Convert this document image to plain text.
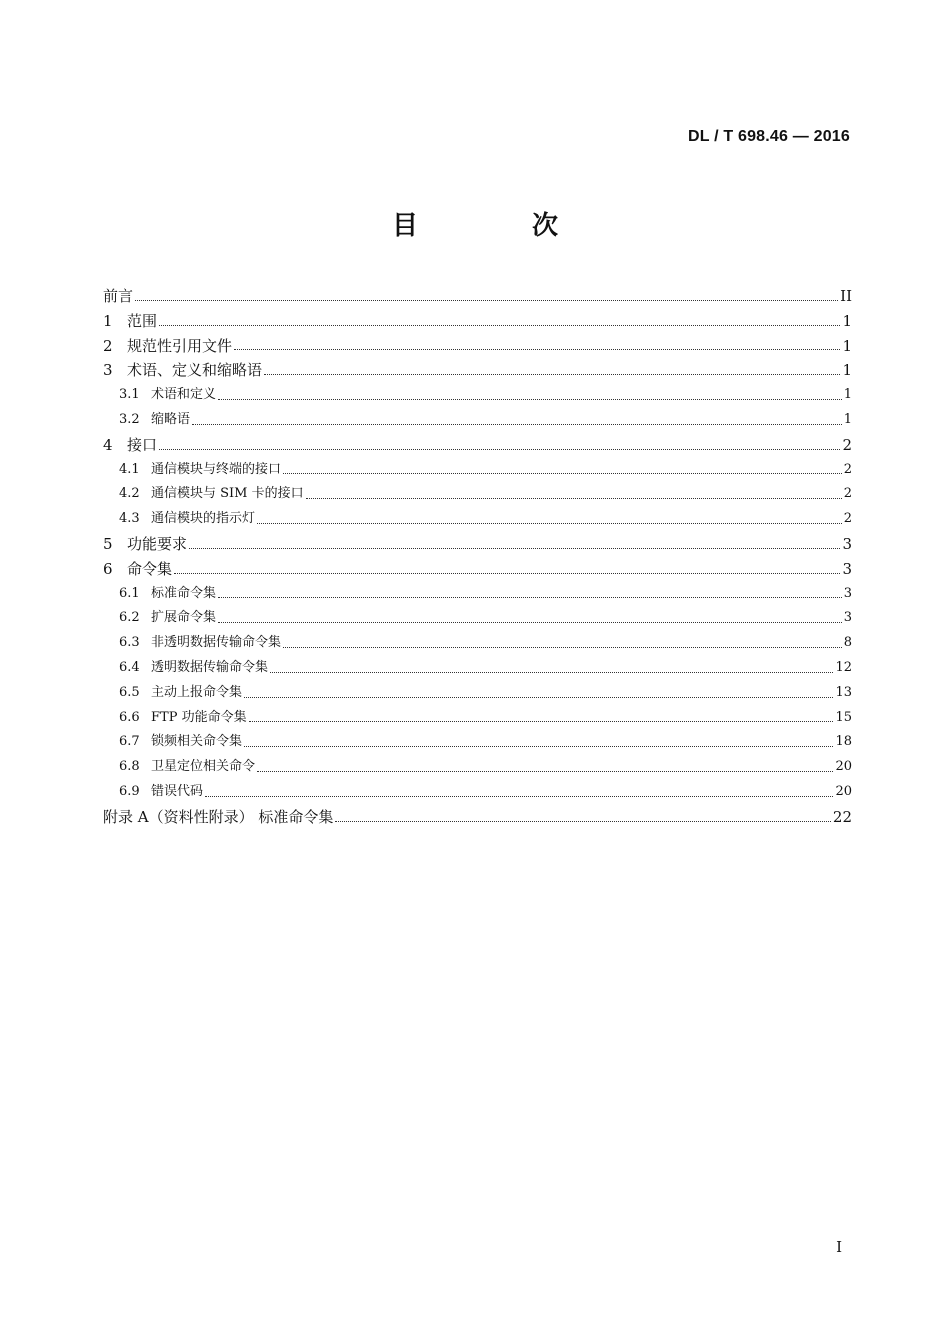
DL / T 698.46 — 2016
目　次
前言	II
1 范围	1
2 规范性引用文件	1
3 术语、定义和缩略语	1
3.1 术语和定义	1
3.2 缩略语	1
4 接口	2
4.1 通信模块与终端的接口	2
4.2 通信模块与 SIM 卡的接口	2
4.3 通信模块的指示灯	2
5 功能要求	3
6 命令集	3
6.1 标准命令集	3
6.2 扩展命令集	3
6.3 非透明数据传输命令集	8
6.4 透明数据传输命令集	12
6.5 主动上报命令集	13
6.6 FTP 功能命令集	15
6.7 锁频相关命令集	18
6.8 卫星定位相关命令	20
6.9 错误代码	20
附录 A（资料性附录） 标准命令集	22
I
